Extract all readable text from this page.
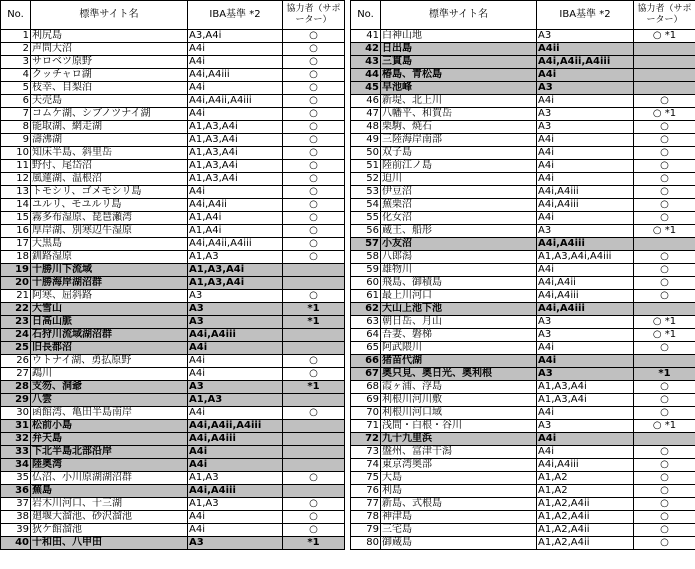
No.	標準サイト名	IBA基準 *2	協力者（サポーター）
1	利尻島	A3,A4i	○
2	声問大沼	A4i	○
3	サロベツ原野	A4i	○
4	クッチャロ湖	A4i,A4iii	○
5	枝幸、目梨泊	A4i	○
6	天売島	A4i,A4ii,A4iii	○
7	コムケ湖、シブノツナイ湖	A4i	○
8	能取湖、網走湖	A1,A3,A4i	○
9	濤沸湖	A1,A3,A4i	○
10	知床半島、斜里岳	A1,A3,A4i	○
11	野付、尾岱沼	A1,A3,A4i	○
12	風蓮湖、温根沼	A1,A3,A4i	○
13	トモシリ、ゴメモシリ島	A4i	○
14	ユルリ、モユルリ島	A4i,A4ii	○
15	霧多布湿原、琵琶瀬湾	A1,A4i	○
16	厚岸湖、別寒辺牛湿原	A1,A4i	○
17	大黒島	A4i,A4ii,A4iii	○
18	釧路湿原	A1,A3	○
19	十勝川下流域	A1,A3,A4i	
20	十勝海岸湖沼群	A1,A3,A4i	
21	阿寒、屈斜路	A3	○
22	大雪山	A3	*1
23	日高山脈	A3	*1
24	石狩川流域湖沼群	A4i,A4iii	
25	旧長都沼	A4i	
26	ウトナイ湖、勇払原野	A4i	○
27	鵡川	A4i	○
28	支笏、洞爺	A3	*1
29	八雲	A1,A3	
30	函館湾、亀田半島南岸	A4i	○
31	松前小島	A4i,A4ii,A4iii	
32	弁天島	A4i,A4iii	
33	下北半島北部沿岸	A4i	
34	陸奥湾	A4i	
35	仏沼、小川原湖湖沼群	A1,A3	○
36	蕪島	A4i,A4iii	
37	岩木川河口、十三湖	A1,A3	○
38	廻堰大溜池、砂沢溜池	A4i	○
39	狄ケ館溜池	A4i	○
40	十和田、八甲田	A3	*1
No.	標準サイト名	IBA基準 *2	協力者（サポーター）
41	白神山地	A3	○ *1
42	日出島	A4ii	
43	三貫島	A4i,A4ii,A4iii	
44	椿島、青松島	A4i	
45	早池峰	A3	
46	新堤、北上川	A4i	○
47	八幡平、和賀岳	A3	○ *1
48	栗駒、焼石	A3	○
49	三陸海岸南部	A4i	○
50	双子島	A4i	○
51	陸前江ノ島	A4i	○
52	迫川	A4i	○
53	伊豆沼	A4i,A4iii	○
54	蕪栗沼	A4i,A4iii	○
55	化女沼	A4i	○
56	蔵王、船形	A3	○ *1
57	小友沼	A4i,A4iii	
58	八郎潟	A1,A3,A4i,A4iii	○
59	雄物川	A4i	○
60	飛島、御積島	A4i,A4ii	○
61	最上川河口	A4i,A4iii	○
62	大山上池下池	A4i,A4iii	
63	朝日岳、月山	A3	○ *1
64	吾妻、磐梯	A3	○ *1
65	阿武隈川	A4i	○
66	猪苗代湖	A4i	
67	奥只見、奥日光、奥利根	A3	*1
68	霞ヶ浦、浮島	A1,A3,A4i	○
69	利根川河川敷	A1,A3,A4i	○
70	利根川河口域	A4i	○
71	浅間・白根・谷川	A3	○ *1
72	九十九里浜	A4i	
73	盤州、富津干潟	A4i	○
74	東京湾奥部	A4i,A4iii	○
75	大島	A1,A2	○
76	利島	A1,A2	○
77	新島、式根島	A1,A2,A4ii	○
78	神津島	A1,A2,A4ii	○
79	三宅島	A1,A2,A4ii	○
80	御蔵島	A1,A2,A4ii	○
